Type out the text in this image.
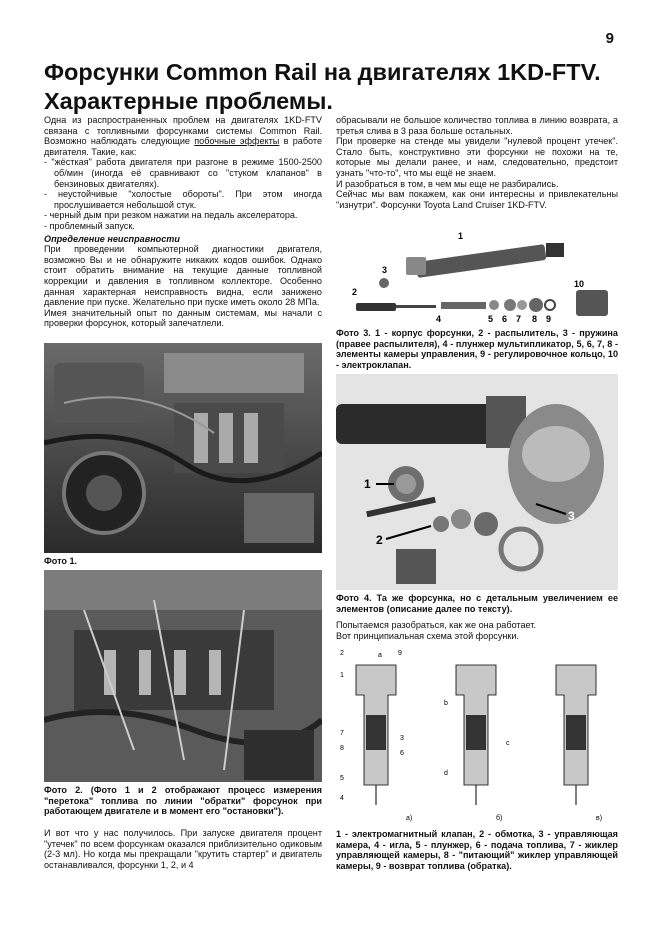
9
Форсунки Common Rail на двигателях 1KD-FTV. Характерные проблемы.

Одна из распространенных проблем на двигателях 1KD-FTV связана с топливными форсунками системы Common Rail. Возможно наблюдать следующие побочные эффекты в работе двигателя. Такие, как:

- "жёсткая" работа двигателя при разгоне в режиме 1500-2500 об/мин (иногда её сравнивают со "стуком клапанов" в бензиновых двигателях).

- неустойчивые "холостые обороты". При этом иногда прослушивается небольшой стук.

- черный дым при резком нажатии на педаль акселератора.

- проблемный запуск.

Определение неисправности

При проведении компьютерной диагностики двигателя, возможно Вы и не обнаружите никаких кодов ошибок. Однако стоит обратить внимание на текущие данные топливной коррекции и давления в топливном коллекторе. Особенно данная характерная неисправность видна, если занижено давление при пуске. Желательно при пуске иметь около 28 МПа.

Имея значительный опыт по данным системам, мы начали с проверки форсунок, который запечатлели.

обрасывали не большое количество топлива в линию возврата, а третья слива в 3 раза больше остальных.

При проверке на стенде мы увидели "нулевой процент утечек". Стало быть, конструктивно эти форсунки не похожи на те, которые мы делали ранее, и нам, следовательно, предстоит узнать "что-то", что мы ещё не знаем.

И разобраться в том, в чем мы еще не разбирались.

Сейчас мы вам покажем, как они интересны и привлекательны "изнутри". Форсунки Toyota Land Cruiser 1KD-FTV.

Фото 1.
Фото 2. (Фото 1 и 2 отображают процесс измерения "перетока" топлива по линии "обратки" форсунок при работающем двигателе и в момент его "остановки").
И вот что у нас получилось. При запуске двигателя процент "утечек" по всем форсункам оказался приблизительно одиковым (2-3 мл). Но когда мы прекращали "крутить стартер" и двигатель останавливался, форсунки 1, 2, и 4
1
2
3
4	5 6 7 8 9
10
Фото 3. 1 - корпус форсунки, 2 - распылитель, 3 - пружина (правее распылителя), 4 - плунжер мультипликатор, 5, 6, 7, 8 - элементы камеры управления, 9 - регулировочное кольцо, 10 - электроклапан.
1
2
3
Фото 4. Та же форсунка, но с детальным увеличением ее элементов (описание далее по тексту).
Попытаемся разобраться, как же она работает.
Вот принципиальная схема этой форсунки.
2
1
9
7
8
3
5
4
6
a
b
c
d
а)	б)	в)
1 - электромагнитный клапан, 2 - обмотка, 3 - управляющая камера, 4 - игла, 5 - плунжер, 6 - подача топлива, 7 - жиклер управляющей камеры, 8 - "питающий" жиклер управляющей камеры, 9 - возврат топлива (обратка).
